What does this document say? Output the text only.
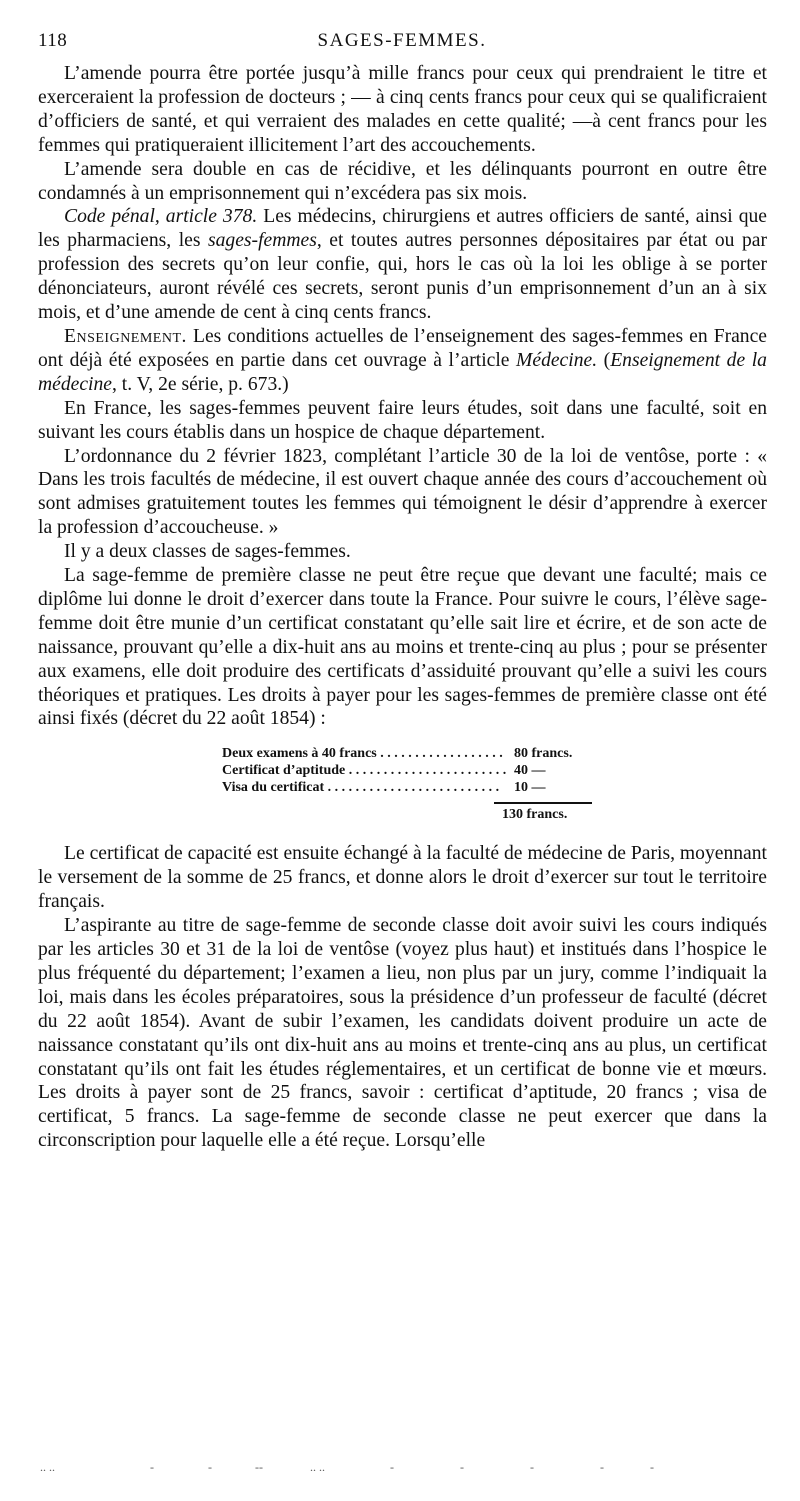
118	SAGES-FEMMES.

L’amende pourra être portée jusqu’à mille francs pour ceux qui prendraient le titre et exerceraient la profession de docteurs ; — à cinq cents francs pour ceux qui se qualificraient d’officiers de santé, et qui verraient des malades en cette qualité; —à cent francs pour les femmes qui pratiqueraient illicitement l’art des accouchements.

L’amende sera double en cas de récidive, et les délinquants pourront en outre être condamnés à un emprisonnement qui n’excédera pas six mois.

Code pénal, article 378. Les médecins, chirurgiens et autres officiers de santé, ainsi que les pharmaciens, les sages-femmes, et toutes autres personnes dépositaires par état ou par profession des secrets qu’on leur confie, qui, hors le cas où la loi les oblige à se porter dénonciateurs, auront révélé ces secrets, seront punis d’un emprisonnement d’un an à six mois, et d’une amende de cent à cinq cents francs.

Enseignement. Les conditions actuelles de l’enseignement des sages-femmes en France ont déjà été exposées en partie dans cet ouvrage à l’article Médecine. (Enseignement de la médecine, t. V, 2e série, p. 673.)

En France, les sages-femmes peuvent faire leurs études, soit dans une faculté, soit en suivant les cours établis dans un hospice de chaque département.

L’ordonnance du 2 février 1823, complétant l’article 30 de la loi de ventôse, porte : « Dans les trois facultés de médecine, il est ouvert chaque année des cours d’accouchement où sont admises gratuitement toutes les femmes qui témoignent le désir d’apprendre à exercer la profession d’accoucheuse. »

Il y a deux classes de sages-femmes.

La sage-femme de première classe ne peut être reçue que devant une faculté; mais ce diplôme lui donne le droit d’exercer dans toute la France. Pour suivre le cours, l’élève sage-femme doit être munie d’un certificat constatant qu’elle sait lire et écrire, et de son acte de naissance, prouvant qu’elle a dix-huit ans au moins et trente-cinq au plus ; pour se présenter aux examens, elle doit produire des certificats d’assiduité prouvant qu’elle a suivi les cours théoriques et pratiques. Les droits à payer pour les sages-femmes de première classe ont été ainsi fixés (décret du 22 août 1854) :

Deux examens à 40 francs . . . . . . . . . . . . . . . . . . 80 francs.
Certificat d’aptitude . . . . . . . . . . . . . . . . . . . . . . . 40 —
Visa du certificat . . . . . . . . . . . . . . . . . . . . . . . . .	10 —
130 francs.

Le certificat de capacité est ensuite échangé à la faculté de médecine de Paris, moyennant le versement de la somme de 25 francs, et donne alors le droit d’exercer sur tout le territoire français.

L’aspirante au titre de sage-femme de seconde classe doit avoir suivi les cours indiqués par les articles 30 et 31 de la loi de ventôse (voyez plus haut) et institués dans l’hospice le plus fréquenté du département; l’examen a lieu, non plus par un jury, comme l’indiquait la loi, mais dans les écoles préparatoires, sous la présidence d’un professeur de faculté (décret du 22 août 1854). Avant de subir l’examen, les candidats doivent produire un acte de naissance constatant qu’ils ont dix-huit ans au moins et trente-cinq ans au plus, un certificat constatant qu’ils ont fait les études réglementaires, et un certificat de bonne vie et mœurs. Les droits à payer sont de 25 francs, savoir : certificat d’aptitude, 20 francs ; visa de certificat, 5 francs. La sage-femme de seconde classe ne peut exercer que dans la circonscription pour laquelle elle a été reçue. Lorsqu’elle

.. ..	-	-	--	.. ..	-	-	-	-	-
